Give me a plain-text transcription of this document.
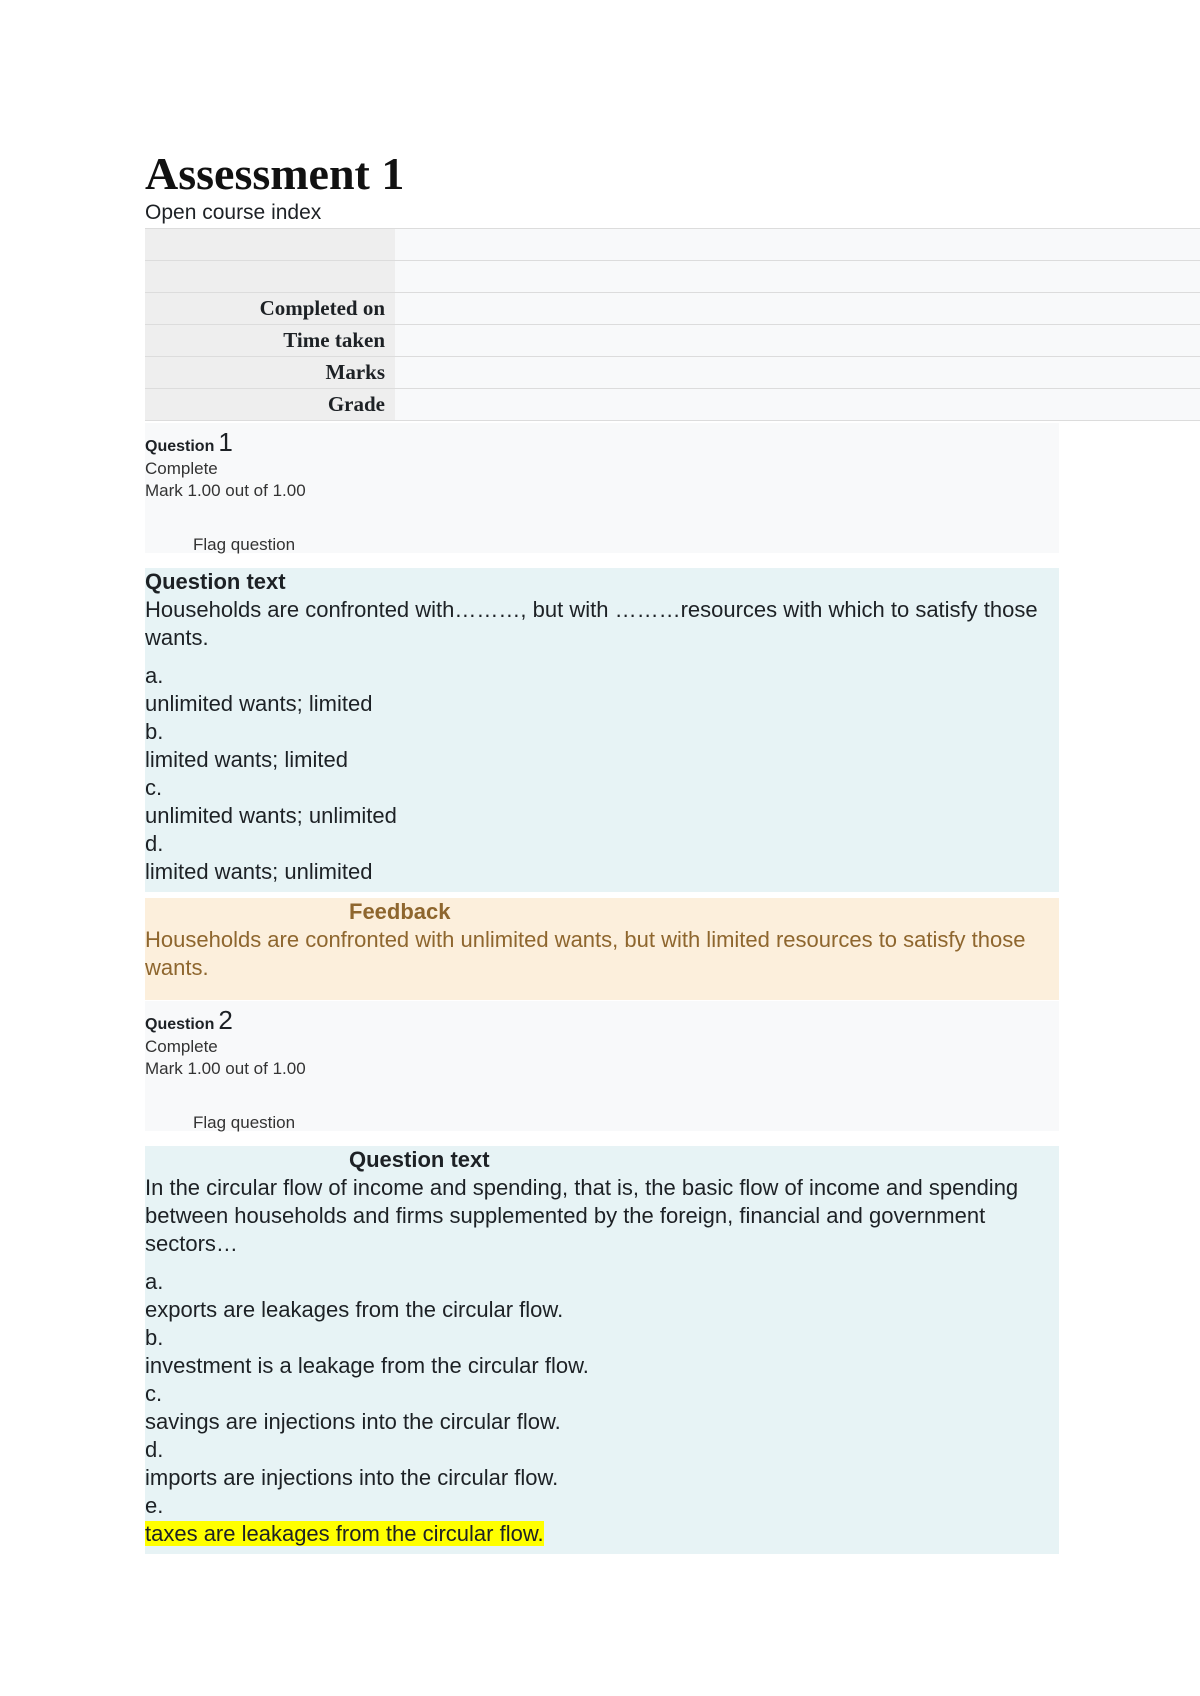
Assessment 1
Open course index

Completed on	
Time taken	
Marks	
Grade	
Question 1
Complete
Mark 1.00 out of 1.00
Flag question
Question text
Households are confronted with………, but with ………resources with which to satisfy those wants.
a.
unlimited wants; limited
b.
limited wants; limited
c.
unlimited wants; unlimited
d.
limited wants; unlimited
Feedback
Households are confronted with unlimited wants, but with limited resources to satisfy those wants.
Question 2
Complete
Mark 1.00 out of 1.00
Flag question
Question text
In the circular flow of income and spending, that is, the basic flow of income and spending between households and firms supplemented by the foreign, financial and government sectors…
a.
exports are leakages from the circular flow.
b.
investment is a leakage from the circular flow.
c.
savings are injections into the circular flow.
d.
imports are injections into the circular flow.
e.
taxes are leakages from the circular flow.
